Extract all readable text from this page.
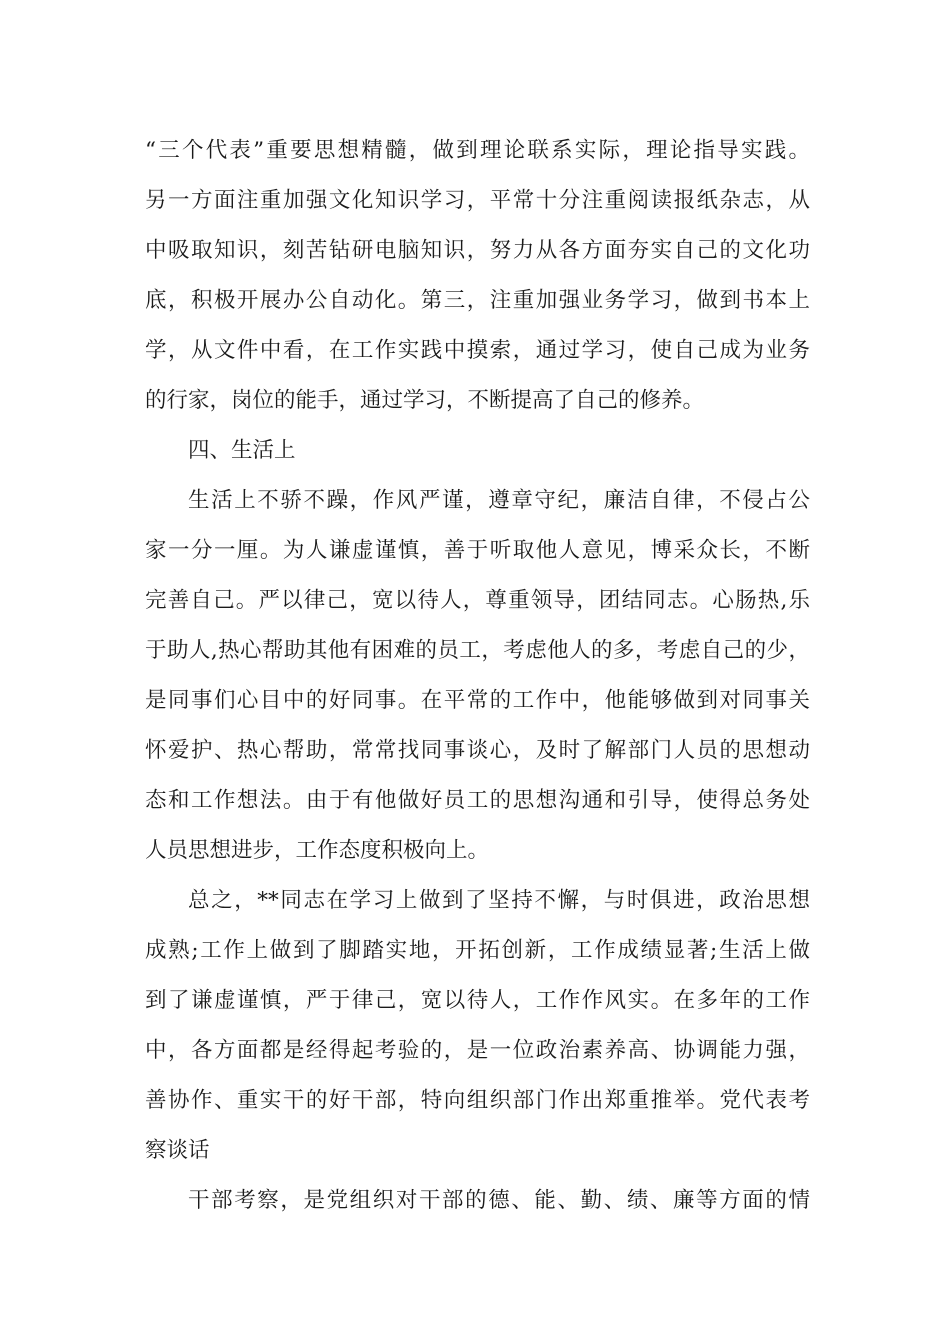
“三个代表”重要思想精髓，做到理论联系实际，理论指导实践。
另一方面注重加强文化知识学习，平常十分注重阅读报纸杂志，从
中吸取知识，刻苦钻研电脑知识，努力从各方面夯实自己的文化功
底，积极开展办公自动化。第三，注重加强业务学习，做到书本上
学，从文件中看，在工作实践中摸索，通过学习，使自己成为业务
的行家，岗位的能手，通过学习，不断提高了自己的修养。
四、生活上
生活上不骄不躁，作风严谨，遵章守纪，廉洁自律，不侵占公
家一分一厘。为人谦虚谨慎，善于听取他人意见，博采众长，不断
完善自己。严以律己，宽以待人，尊重领导，团结同志。心肠热,乐
于助人,热心帮助其他有困难的员工，考虑他人的多，考虑自己的少，
是同事们心目中的好同事。在平常的工作中，他能够做到对同事关
怀爱护、热心帮助，常常找同事谈心，及时了解部门人员的思想动
态和工作想法。由于有他做好员工的思想沟通和引导，使得总务处
人员思想进步，工作态度积极向上。
总之，**同志在学习上做到了坚持不懈，与时俱进，政治思想
成熟;工作上做到了脚踏实地，开拓创新，工作成绩显著;生活上做
到了谦虚谨慎，严于律己，宽以待人，工作作风实。在多年的工作
中，各方面都是经得起考验的，是一位政治素养高、协调能力强，
善协作、重实干的好干部，特向组织部门作出郑重推举。党代表考
察谈话
干部考察，是党组织对干部的德、能、勤、绩、廉等方面的情
